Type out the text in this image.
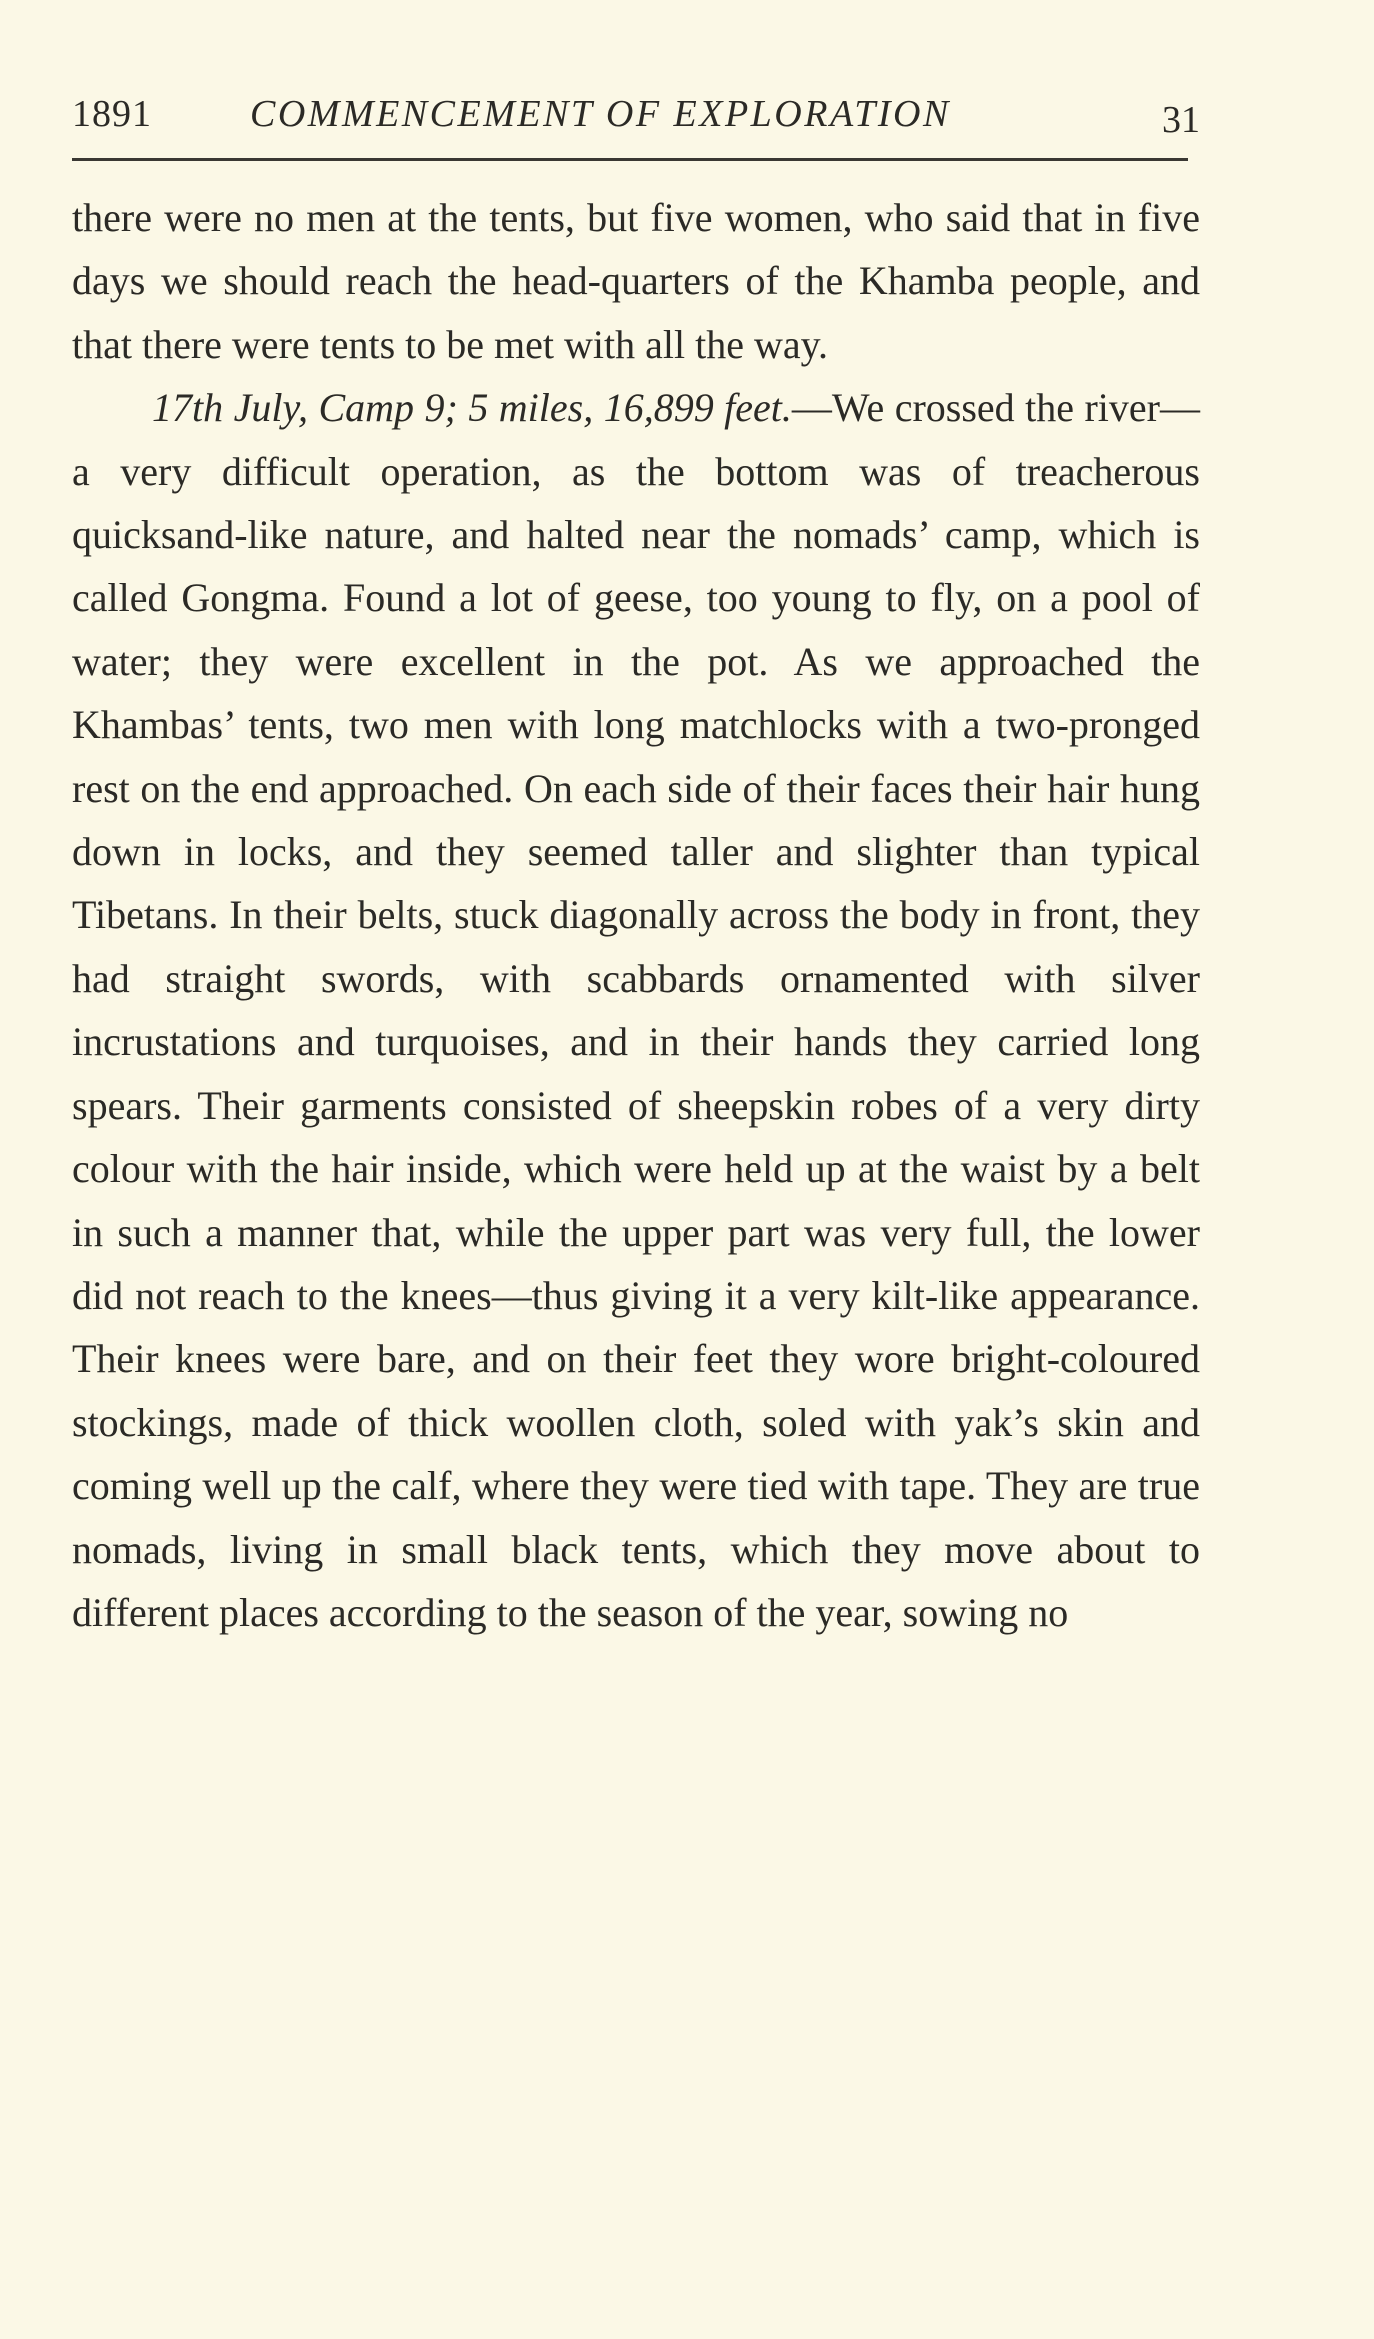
1891	COMMENCEMENT OF EXPLORATION	31

there were no men at the tents, but five women, who said that in five days we should reach the head-quarters of the Khamba people, and that there were tents to be met with all the way.

17th July, Camp 9; 5 miles, 16,899 feet.—We crossed the river—a very difficult operation, as the bottom was of treacherous quicksand-like nature, and halted near the nomads’ camp, which is called Gongma. Found a lot of geese, too young to fly, on a pool of water; they were excellent in the pot. As we approached the Khambas’ tents, two men with long matchlocks with a two-pronged rest on the end approached. On each side of their faces their hair hung down in locks, and they seemed taller and slighter than typical Tibetans. In their belts, stuck diagonally across the body in front, they had straight swords, with scabbards ornamented with silver incrustations and turquoises, and in their hands they carried long spears. Their garments consisted of sheepskin robes of a very dirty colour with the hair inside, which were held up at the waist by a belt in such a manner that, while the upper part was very full, the lower did not reach to the knees—thus giving it a very kilt-like appearance. Their knees were bare, and on their feet they wore bright-coloured stockings, made of thick woollen cloth, soled with yak’s skin and coming well up the calf, where they were tied with tape. They are true nomads, living in small black tents, which they move about to different places according to the season of the year, sowing no
